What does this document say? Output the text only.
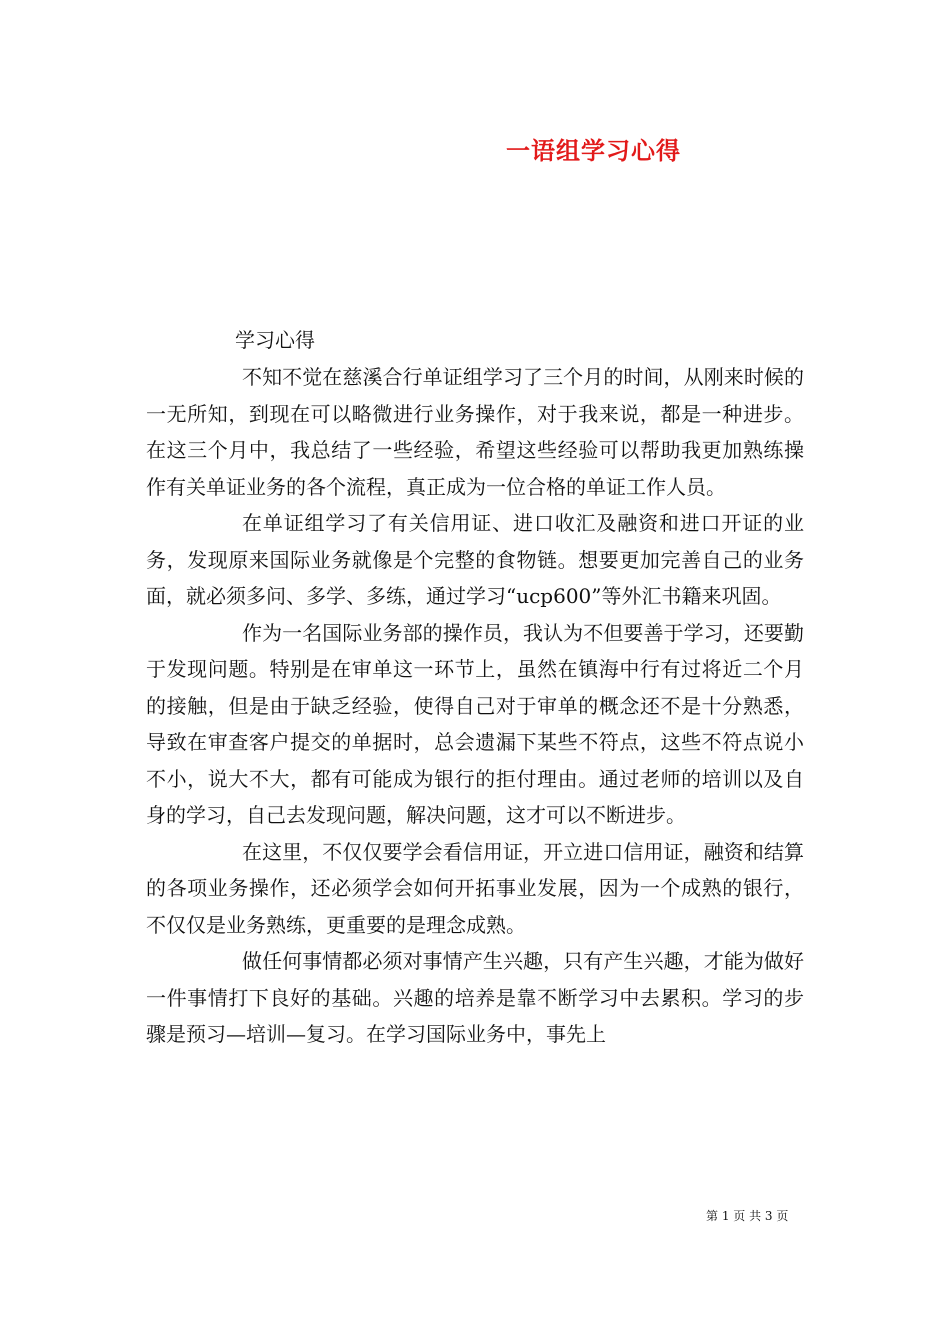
一语组学习心得

学习心得

不知不觉在慈溪合行单证组学习了三个月的时间，从刚来时候的一无所知，到现在可以略微进行业务操作，对于我来说，都是一种进步。在这三个月中，我总结了一些经验，希望这些经验可以帮助我更加熟练操作有关单证业务的各个流程，真正成为一位合格的单证工作人员。

在单证组学习了有关信用证、进口收汇及融资和进口开证的业务，发现原来国际业务就像是个完整的食物链。想要更加完善自己的业务面，就必须多问、多学、多练，通过学习“ucp600”等外汇书籍来巩固。

作为一名国际业务部的操作员，我认为不但要善于学习，还要勤于发现问题。特别是在审单这一环节上，虽然在镇海中行有过将近二个月的接触，但是由于缺乏经验，使得自己对于审单的概念还不是十分熟悉，导致在审查客户提交的单据时，总会遗漏下某些不符点，这些不符点说小不小，说大不大，都有可能成为银行的拒付理由。通过老师的培训以及自身的学习，自己去发现问题，解决问题，这才可以不断进步。

在这里，不仅仅要学会看信用证，开立进口信用证，融资和结算的各项业务操作，还必须学会如何开拓事业发展，因为一个成熟的银行，不仅仅是业务熟练，更重要的是理念成熟。

做任何事情都必须对事情产生兴趣，只有产生兴趣，才能为做好一件事情打下良好的基础。兴趣的培养是靠不断学习中去累积。学习的步骤是预习—培训—复习。在学习国际业务中，事先上

第 1 页 共 3 页
